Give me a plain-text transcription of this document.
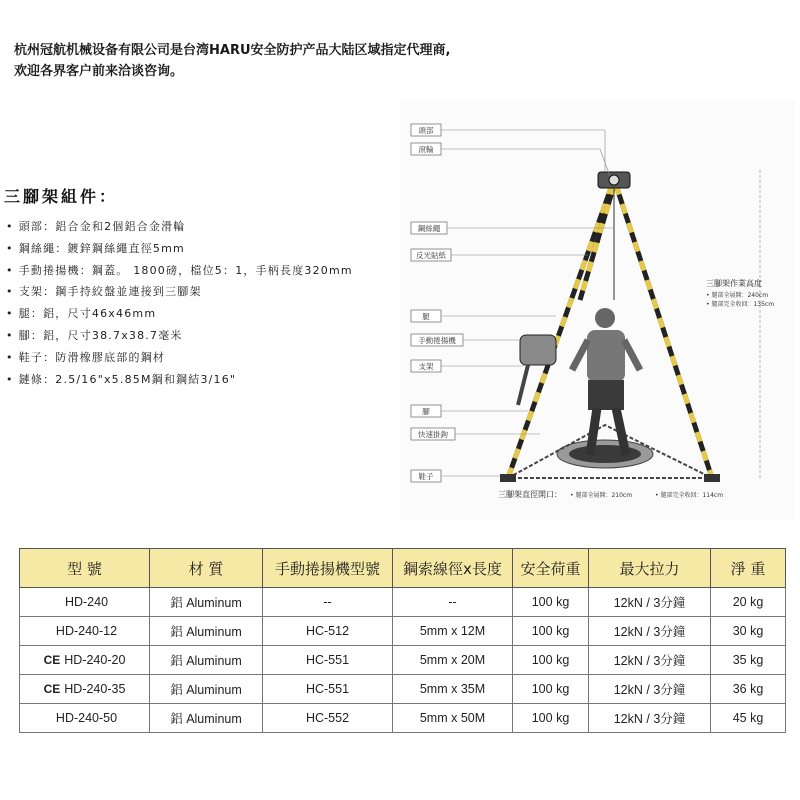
杭州冠航机械设备有限公司是台湾HARU安全防护产品大陆区域指定代理商,
欢迎各界客户前来洽谈咨询。
三腳架組件：
• 頭部：鋁合金和2個鋁合金滑輪
• 鋼絲繩：鍍鋅鋼絲繩直徑5mm
• 手動捲揚機：鋼蓋。 1800磅，檔位5：1，手柄長度320mm
• 支架：鋼手持絞盤並連接到三腳架
• 腿：鋁，尺寸46x46mm
• 腳：鋁，尺寸38.7x38.7毫米
• 鞋子：防滑橡膠底部的鋼材
• 鏈條：2.5/16"x5.85M鋼和鋼結3/16"
頭部
滾輪
鋼絲繩
反光貼紙
腿
手動捲揚機
支架
腳
快速掛鉤
鞋子
三腳架作業高度
• 腿部全展開：240cm
• 腿部完全收回：135cm
三腳架直徑開口： • 腿部全展開：210cm	• 腿部完全收回：114cm
型 號	材 質	手動捲揚機型號	鋼索線徑x長度	安全荷重	最大拉力	淨 重
HD-240	鋁 Aluminum	--	--	100 kg	12kN / 3分鐘	20 kg
HD-240-12	鋁 Aluminum	HC-512	5mm x 12M	100 kg	12kN / 3分鐘	30 kg
CE HD-240-20	鋁 Aluminum	HC-551	5mm x 20M	100 kg	12kN / 3分鐘	35 kg
CE HD-240-35	鋁 Aluminum	HC-551	5mm x 35M	100 kg	12kN / 3分鐘	36 kg
HD-240-50	鋁 Aluminum	HC-552	5mm x 50M	100 kg	12kN / 3分鐘	45 kg
